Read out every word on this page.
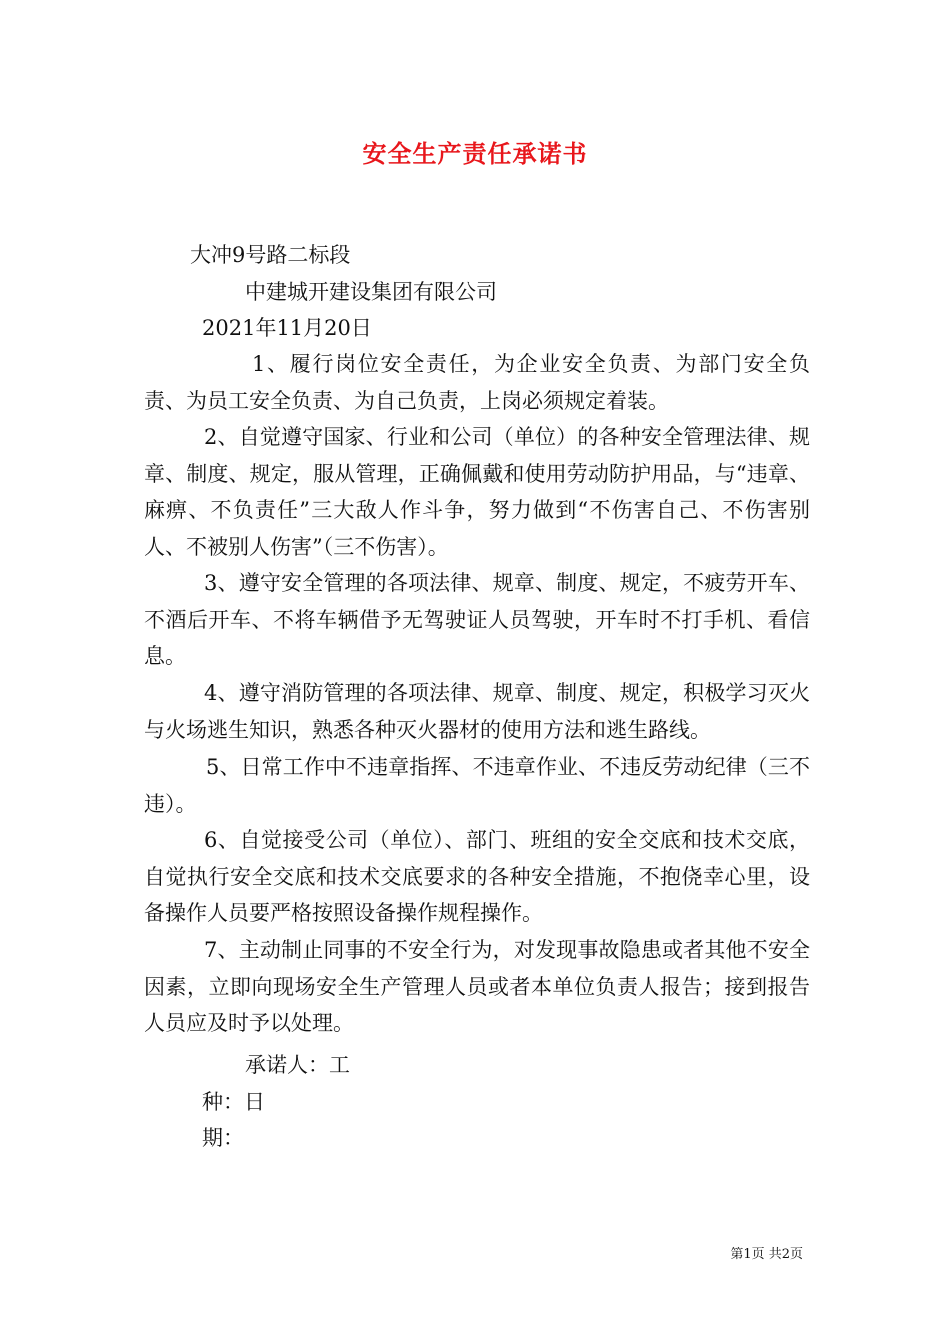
安全生产责任承诺书
大冲9号路二标段
中建城开建设集团有限公司
2021年11月20日
1、履行岗位安全责任，为企业安全负责、为部门安全负责、为员工安全负责、为自己负责，上岗必须规定着装。
2、自觉遵守国家、行业和公司（单位）的各种安全管理法律、规章、制度、规定，服从管理，正确佩戴和使用劳动防护用品，与“违章、麻痹、不负责任”三大敌人作斗争，努力做到“不伤害自己、不伤害别人、不被别人伤害”（三不伤害）。
3、遵守安全管理的各项法律、规章、制度、规定，不疲劳开车、不酒后开车、不将车辆借予无驾驶证人员驾驶，开车时不打手机、看信息。
4、遵守消防管理的各项法律、规章、制度、规定，积极学习灭火与火场逃生知识，熟悉各种灭火器材的使用方法和逃生路线。
5、日常工作中不违章指挥、不违章作业、不违反劳动纪律（三不违）。
6、自觉接受公司（单位）、部门、班组的安全交底和技术交底，自觉执行安全交底和技术交底要求的各种安全措施，不抱侥幸心里，设备操作人员要严格按照设备操作规程操作。
7、主动制止同事的不安全行为，对发现事故隐患或者其他不安全因素，立即向现场安全生产管理人员或者本单位负责人报告；接到报告人员应及时予以处理。
承诺人：工
种：日
期：
第1页 共2页
